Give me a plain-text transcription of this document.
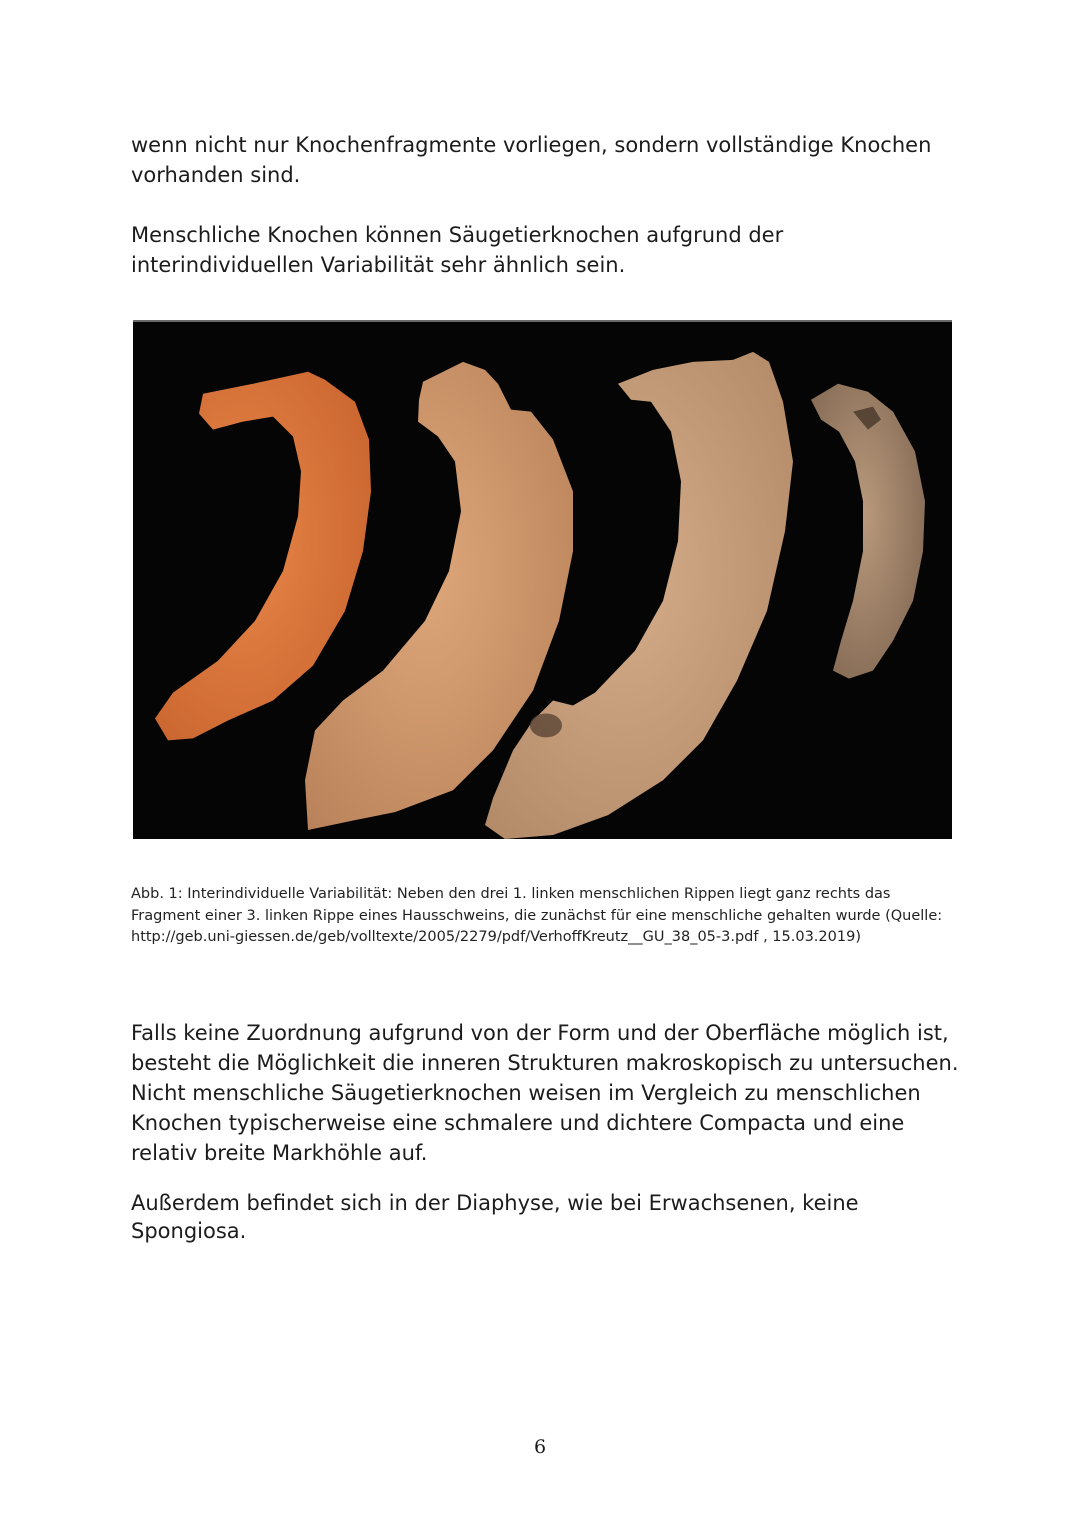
wenn nicht nur Knochenfragmente vorliegen, sondern vollständige Knochen vorhanden sind.

Menschliche Knochen können Säugetierknochen aufgrund der interindividuellen Variabilität sehr ähnlich sein.

Abb. 1: Interindividuelle Variabilität: Neben den drei 1. linken menschlichen Rippen liegt ganz rechts das Fragment einer 3. linken Rippe eines Hausschweins, die zunächst für eine menschliche gehalten wurde (Quelle: http://geb.uni-giessen.de/geb/volltexte/2005/2279/pdf/VerhoffKreutz__GU_38_05-3.pdf , 15.03.2019)

Falls keine Zuordnung aufgrund von der Form und der Oberfläche möglich ist, besteht die Möglichkeit die inneren Strukturen makroskopisch zu untersuchen. Nicht menschliche Säugetierknochen weisen im Vergleich zu menschlichen Knochen typischerweise eine schmalere und dichtere Compacta und eine relativ breite Markhöhle auf.

Außerdem befindet sich in der Diaphyse, wie bei Erwachsenen, keine Spongiosa.

6
